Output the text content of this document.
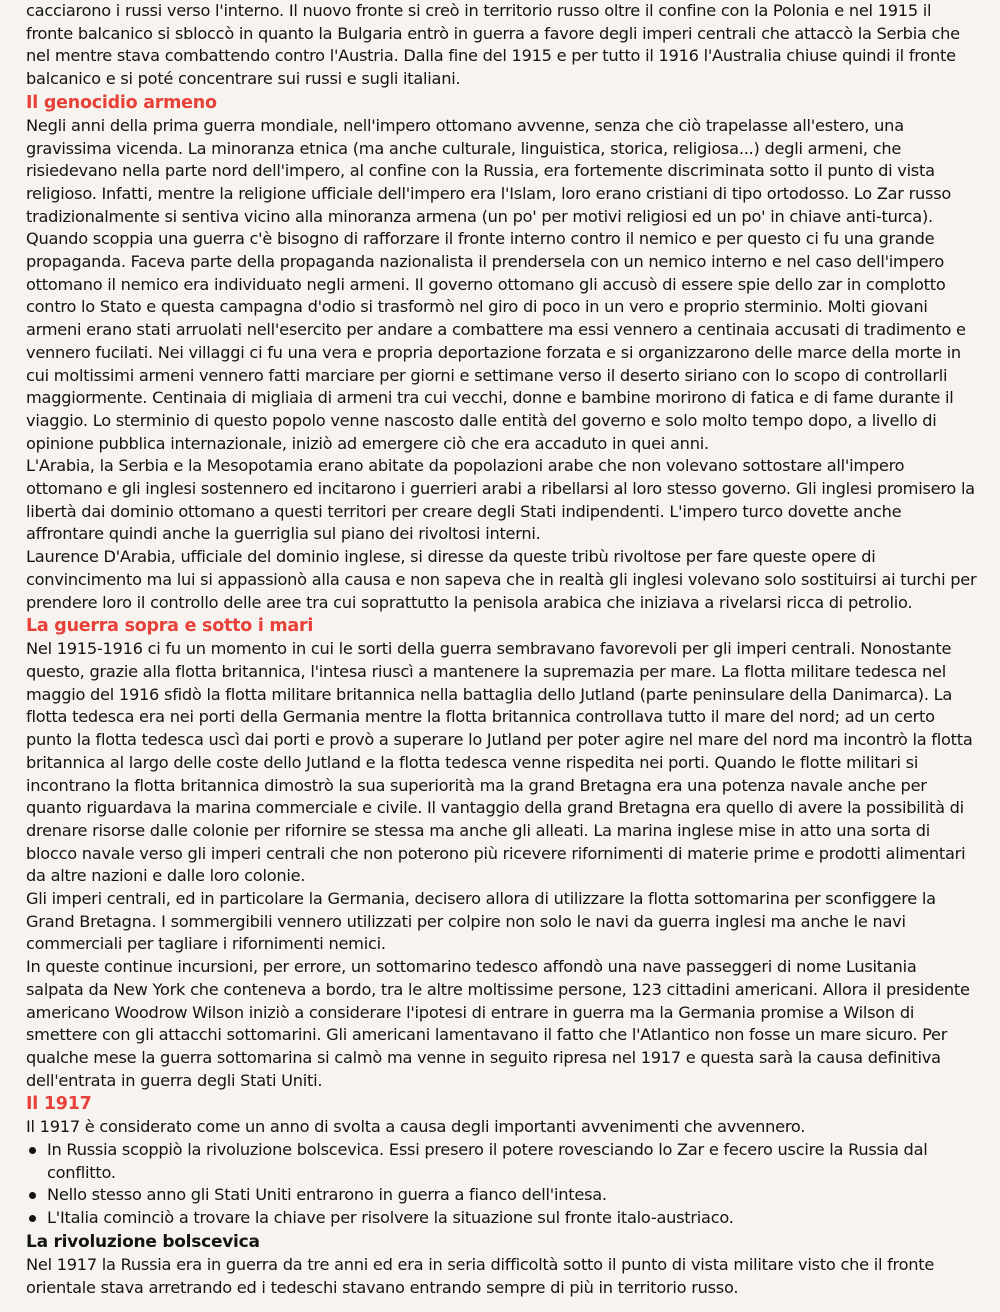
cacciarono i russi verso l'interno. Il nuovo fronte si creò in territorio russo oltre il confine con la Polonia e nel 1915 il fronte balcanico si sbloccò in quanto la Bulgaria entrò in guerra a favore degli imperi centrali che attaccò la Serbia che nel mentre stava combattendo contro l'Austria. Dalla fine del 1915 e per tutto il 1916 l'Australia chiuse quindi il fronte balcanico e si poté concentrare sui russi e sugli italiani.

Il genocidio armeno

Negli anni della prima guerra mondiale, nell'impero ottomano avvenne, senza che ciò trapelasse all'estero, una gravissima vicenda. La minoranza etnica (ma anche culturale, linguistica, storica, religiosa...) degli armeni, che risiedevano nella parte nord dell'impero, al confine con la Russia, era fortemente discriminata sotto il punto di vista religioso. Infatti, mentre la religione ufficiale dell'impero era l'Islam, loro erano cristiani di tipo ortodosso. Lo Zar russo tradizionalmente si sentiva vicino alla minoranza armena (un po' per motivi religiosi ed un po' in chiave anti-turca). Quando scoppia una guerra c'è bisogno di rafforzare il fronte interno contro il nemico e per questo ci fu una grande propaganda. Faceva parte della propaganda nazionalista il prendersela con un nemico interno e nel caso dell'impero ottomano il nemico era individuato negli armeni. Il governo ottomano gli accusò di essere spie dello zar in complotto contro lo Stato e questa campagna d'odio si trasformò nel giro di poco in un vero e proprio sterminio. Molti giovani armeni erano stati arruolati nell'esercito per andare a combattere ma essi vennero a centinaia accusati di tradimento e vennero fucilati. Nei villaggi ci fu una vera e propria deportazione forzata e si organizzarono delle marce della morte in cui moltissimi armeni vennero fatti marciare per giorni e settimane verso il deserto siriano con lo scopo di controllarli maggiormente. Centinaia di migliaia di armeni tra cui vecchi, donne e bambine morirono di fatica e di fame durante il viaggio. Lo sterminio di questo popolo venne nascosto dalle entità del governo e solo molto tempo dopo, a livello di opinione pubblica internazionale, iniziò ad emergere ciò che era accaduto in quei anni.

L'Arabia, la Serbia e la Mesopotamia erano abitate da popolazioni arabe che non volevano sottostare all'impero ottomano e gli inglesi sostennero ed incitarono i guerrieri arabi a ribellarsi al loro stesso governo. Gli inglesi promisero la libertà dai dominio ottomano a questi territori per creare degli Stati indipendenti. L'impero turco dovette anche affrontare quindi anche la guerriglia sul piano dei rivoltosi interni.

Laurence D'Arabia, ufficiale del dominio inglese, si diresse da queste tribù rivoltose per fare queste opere di convincimento ma lui si appassionò alla causa e non sapeva che in realtà gli inglesi volevano solo sostituirsi ai turchi per prendere loro il controllo delle aree tra cui soprattutto la penisola arabica che iniziava a rivelarsi ricca di petrolio.

La guerra sopra e sotto i mari

Nel 1915-1916 ci fu un momento in cui le sorti della guerra sembravano favorevoli per gli imperi centrali. Nonostante questo, grazie alla flotta britannica, l'intesa riuscì a mantenere la supremazia per mare. La flotta militare tedesca nel maggio del 1916 sfidò la flotta militare britannica nella battaglia dello Jutland (parte peninsulare della Danimarca). La flotta tedesca era nei porti della Germania mentre la flotta britannica controllava tutto il mare del nord; ad un certo punto la flotta tedesca uscì dai porti e provò a superare lo Jutland per poter agire nel mare del nord ma incontrò la flotta britannica al largo delle coste dello Jutland e la flotta tedesca venne rispedita nei porti. Quando le flotte militari si incontrano la flotta britannica dimostrò la sua superiorità ma la grand Bretagna era una potenza navale anche per quanto riguardava la marina commerciale e civile. Il vantaggio della grand Bretagna era quello di avere la possibilità di drenare risorse dalle colonie per rifornire se stessa ma anche gli alleati. La marina inglese mise in atto una sorta di blocco navale verso gli imperi centrali che non poterono più ricevere rifornimenti di materie prime e prodotti alimentari da altre nazioni e dalle loro colonie.

Gli imperi centrali, ed in particolare la Germania, decisero allora di utilizzare la flotta sottomarina per sconfiggere la Grand Bretagna. I sommergibili vennero utilizzati per colpire non solo le navi da guerra inglesi ma anche le navi commerciali per tagliare i rifornimenti nemici.

In queste continue incursioni, per errore, un sottomarino tedesco affondò una nave passeggeri di nome Lusitania salpata da New York che conteneva a bordo, tra le altre moltissime persone, 123 cittadini americani. Allora il presidente americano Woodrow Wilson iniziò a considerare l'ipotesi di entrare in guerra ma la Germania promise a Wilson di smettere con gli attacchi sottomarini. Gli americani lamentavano il fatto che l'Atlantico non fosse un mare sicuro. Per qualche mese la guerra sottomarina si calmò ma venne in seguito ripresa nel 1917 e questa sarà la causa definitiva dell'entrata in guerra degli Stati Uniti.

Il 1917

Il 1917 è considerato come un anno di svolta a causa degli importanti avvenimenti che avvennero.

In Russia scoppiò la rivoluzione bolscevica. Essi presero il potere rovesciando lo Zar e fecero uscire la Russia dal conflitto.
Nello stesso anno gli Stati Uniti entrarono in guerra a fianco dell'intesa.
L'Italia cominciò a trovare la chiave per risolvere la situazione sul fronte italo-austriaco.
La rivoluzione bolscevica

Nel 1917 la Russia era in guerra da tre anni ed era in seria difficoltà sotto il punto di vista militare visto che il fronte orientale stava arretrando ed i tedeschi stavano entrando sempre di più in territorio russo.
